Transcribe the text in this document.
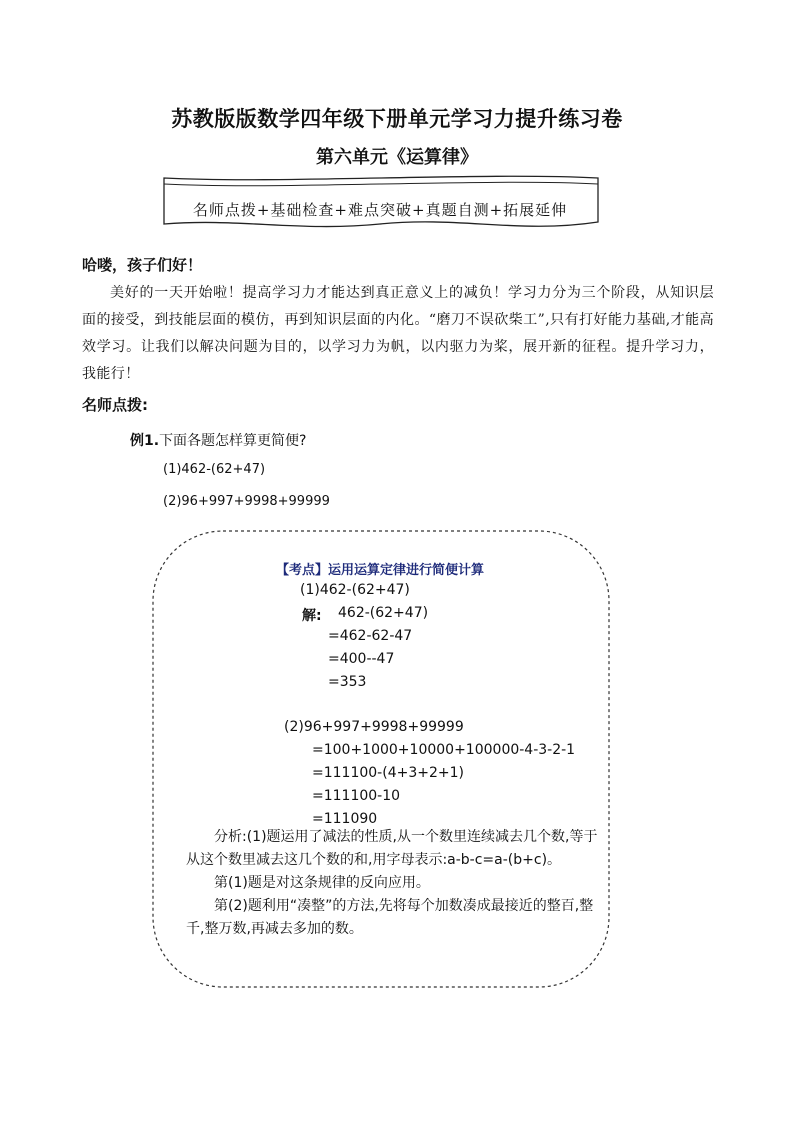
苏教版版数学四年级下册单元学习力提升练习卷
第六单元《运算律》
名师点拨+基础检查+难点突破+真题自测+拓展延伸
哈喽，孩子们好！
美好的一天开始啦！提高学习力才能达到真正意义上的减负！学习力分为三个阶段，从知识层面的接受，到技能层面的模仿，再到知识层面的内化。“磨刀不误砍柴工”,只有打好能力基础,才能高效学习。让我们以解决问题为目的，以学习力为帆，以内驱力为桨，展开新的征程。提升学习力，我能行！
名师点拨:
例1.下面各题怎样算更简便?
(1)462-(62+47)
(2)96+997+9998+99999
【考点】运用运算定律进行简便计算
(1)462-(62+47)
解: 462-(62+47)
=462-62-47
=400--47
=353
(2)96+997+9998+99999
=100+1000+10000+100000-4-3-2-1
=111100-(4+3+2+1)
=111100-10
=111090

分析:(1)题运用了减法的性质,从一个数里连续减去几个数,等于从这个数里减去这几个数的和,用字母表示:a-b-c=a-(b+c)。

第(1)题是对这条规律的反向应用。

第(2)题利用“凑整”的方法,先将每个加数凑成最接近的整百,整千,整万数,再减去多加的数。
